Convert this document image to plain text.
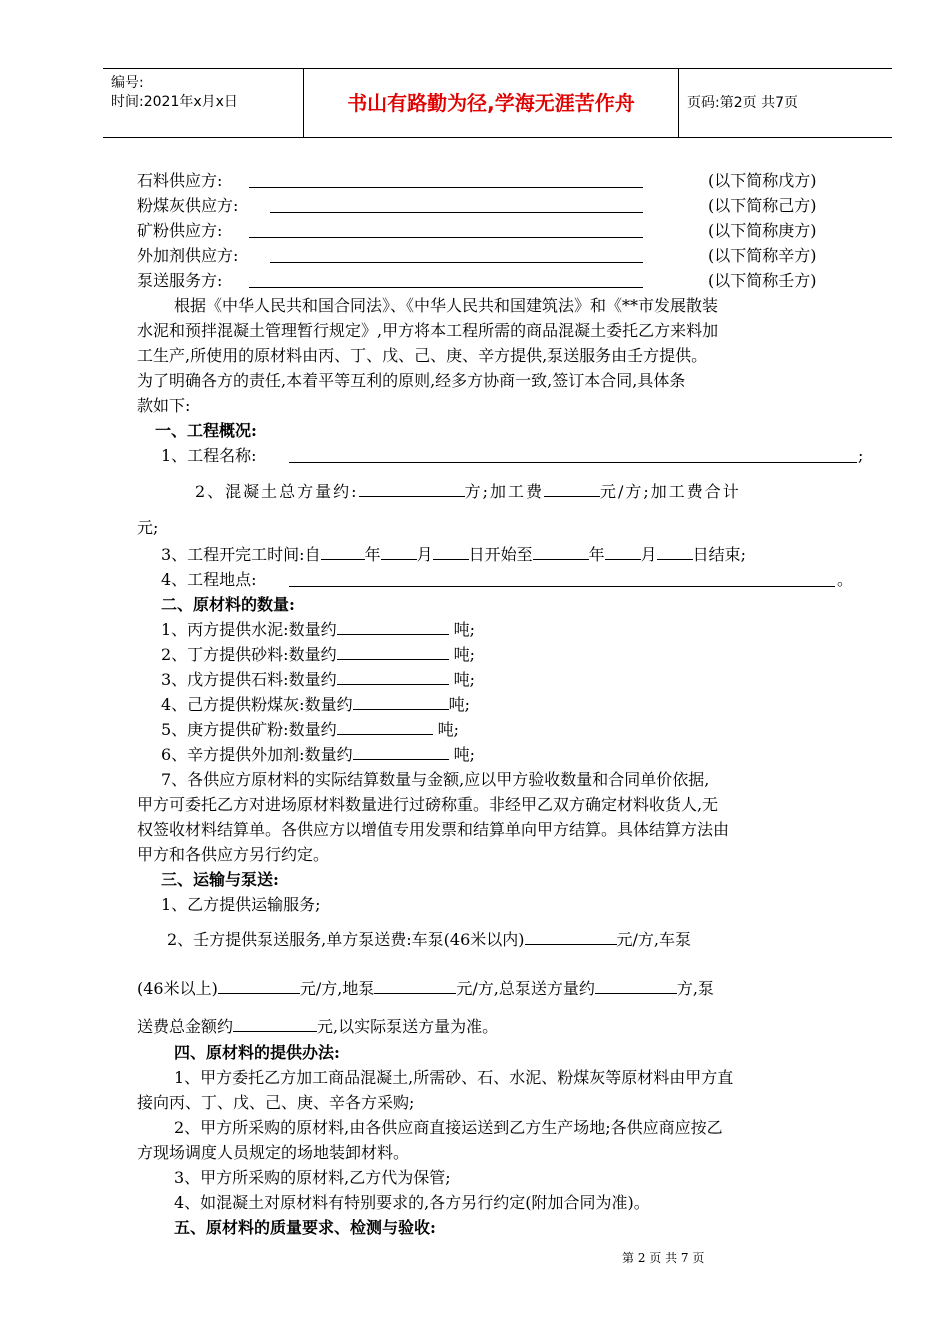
编号:
时间:2021年x月x日	书山有路勤为径,学海无涯苦作舟	页码:第2页 共7页
石料供应方:	(以下简称戊方)
粉煤灰供应方:	(以下简称己方)
矿粉供应方:	(以下简称庚方)
外加剂供应方:	(以下简称辛方)
泵送服务方:	(以下简称壬方)
根据《中华人民共和国合同法》、《中华人民共和国建筑法》和《**市发展散装
水泥和预拌混凝土管理暂行规定》,甲方将本工程所需的商品混凝土委托乙方来料加
工生产,所使用的原材料由丙、丁、戊、己、庚、辛方提供,泵送服务由壬方提供。
为了明确各方的责任,本着平等互利的原则,经多方协商一致,签订本合同,具体条
款如下:
一、工程概况:
1、工程名称:	;
2、混凝土总方量约:	方;加工费	元/方;加工费合计
元;
3、工程开完工时间:自	年 月 日开始至	年 月 日结束;
4、工程地点:	。
二、原材料的数量:
1、丙方提供水泥:数量约	吨;
2、丁方提供砂料:数量约	吨;
3、戊方提供石料:数量约	吨;
4、己方提供粉煤灰:数量约	吨;
5、庚方提供矿粉:数量约	吨;
6、辛方提供外加剂:数量约	吨;
7、各供应方原材料的实际结算数量与金额,应以甲方验收数量和合同单价依据,
甲方可委托乙方对进场原材料数量进行过磅称重。非经甲乙双方确定材料收货人,无
权签收材料结算单。各供应方以增值专用发票和结算单向甲方结算。具体结算方法由
甲方和各供应方另行约定。
三、运输与泵送:
1、乙方提供运输服务;
2、壬方提供泵送服务,单方泵送费:车泵(46米以内)	元/方,车泵
(46米以上)	元/方,地泵	元/方,总泵送方量约	方,泵
送费总金额约	元,以实际泵送方量为准。
四、原材料的提供办法:
1、甲方委托乙方加工商品混凝土,所需砂、石、水泥、粉煤灰等原材料由甲方直
接向丙、丁、戊、己、庚、辛各方采购;
2、甲方所采购的原材料,由各供应商直接运送到乙方生产场地;各供应商应按乙
方现场调度人员规定的场地装卸材料。
3、甲方所采购的原材料,乙方代为保管;
4、如混凝土对原材料有特别要求的,各方另行约定(附加合同为准)。
五、原材料的质量要求、检测与验收:
第 2 页 共 7 页
